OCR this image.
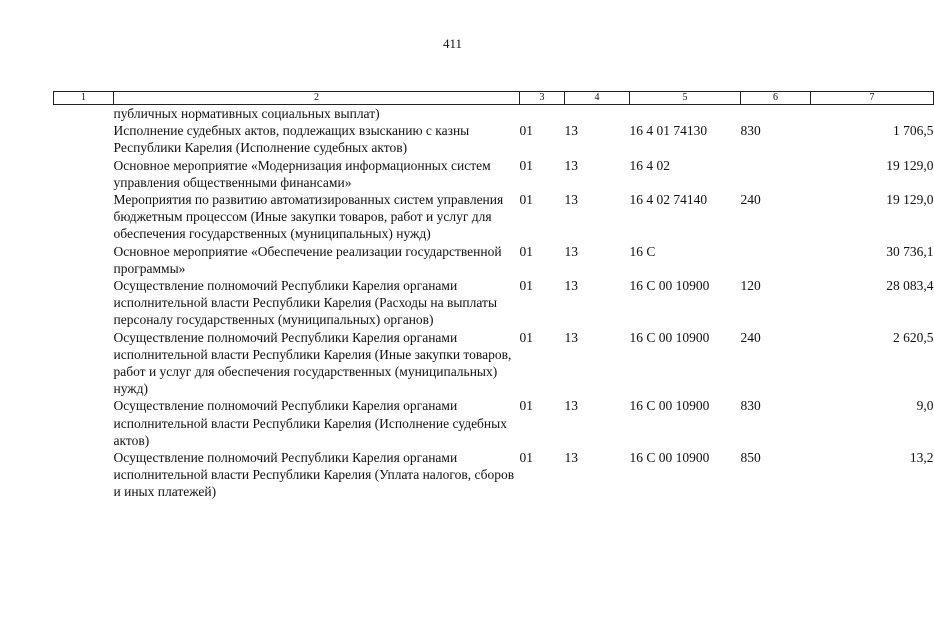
411
1	2	3	4	5	6	7
	публичных нормативных социальных выплат)					
	Исполнение судебных актов, подлежащих взысканию с казны Республики Карелия (Исполнение судебных актов)	01	13	16 4 01 74130	830	1 706,5
	Основное мероприятие «Модернизация информационных систем управления общественными финансами»	01	13	16 4 02		19 129,0
	Мероприятия по развитию автоматизированных систем управления бюджетным процессом (Иные закупки товаров, работ и услуг для обеспечения государственных (муниципальных) нужд)	01	13	16 4 02 74140	240	19 129,0
	Основное мероприятие «Обеспечение реализации государственной программы»	01	13	16 С		30 736,1
	Осуществление полномочий Республики Карелия органами исполнительной власти Республики Карелия (Расходы на выплаты персоналу государственных (муниципальных) органов)	01	13	16 С 00 10900	120	28 083,4
	Осуществление полномочий Республики Карелия органами исполнительной власти Республики Карелия (Иные закупки товаров, работ и услуг для обеспечения государственных (муниципальных) нужд)	01	13	16 С 00 10900	240	2 620,5
	Осуществление полномочий Республики Карелия органами исполнительной власти Республики Карелия (Исполнение судебных актов)	01	13	16 С 00 10900	830	9,0
	Осуществление полномочий Республики Карелия органами исполнительной власти Республики Карелия (Уплата налогов, сборов и иных платежей)	01	13	16 С 00 10900	850	13,2
